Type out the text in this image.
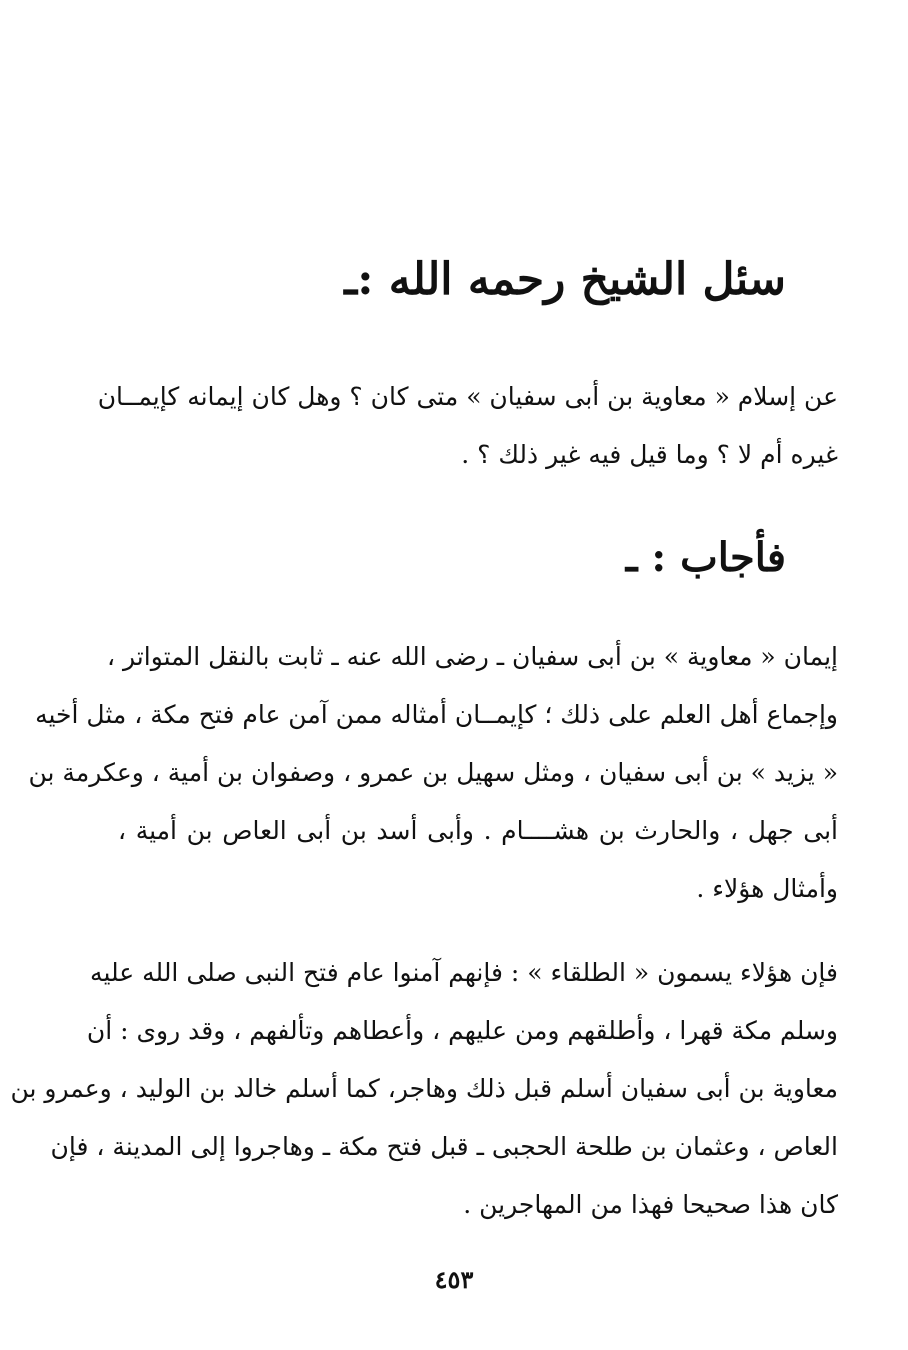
سئل الشيخ رحمه الله :ـ
عن إسلام « معاوية بن أبى سفيان » متى كان ؟ وهل كان إيمانه كإيمــان
غيره أم لا ؟ وما قيل فيه غير ذلك ؟ .
فأجاب : ـ
إيمان « معاوية » بن أبى سفيان ـ رضى الله عنه ـ ثابت بالنقل المتواتر ،
وإجماع أهل العلم على ذلك ؛ كإيمــان أمثاله ممن آمن عام فتح مكة ، مثل أخيه
« يزيد » بن أبى سفيان ، ومثل سهيل بن عمرو ، وصفوان بن أمية ، وعكرمة بن
أبى جهل ، والحارث بن هشــــام . وأبى أسد بن أبى العاص بن أمية ،
وأمثال هؤلاء .
فإن هؤلاء يسمون « الطلقاء » : فإنهم آمنوا عام فتح النبى صلى الله عليه
وسلم مكة قهرا ، وأطلقهم ومن عليهم ، وأعطاهم وتألفهم ، وقد روى : أن
معاوية بن أبى سفيان أسلم قبل ذلك وهاجر، كما أسلم خالد بن الوليد ، وعمرو بن
العاص ، وعثمان بن طلحة الحجبى ـ قبل فتح مكة ـ وهاجروا إلى المدينة ، فإن
كان هذا صحيحا فهذا من المهاجرين .
٤٥٣
